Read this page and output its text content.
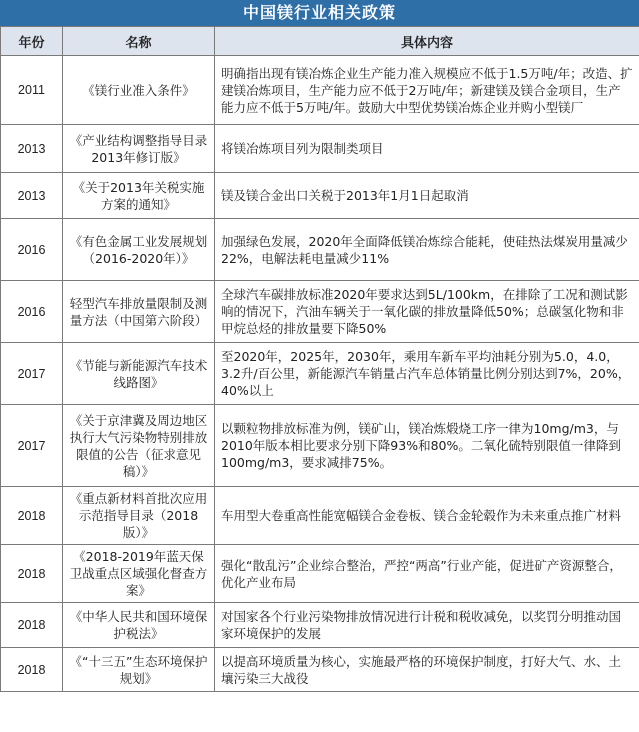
中国镁行业相关政策
年份	名称	具体内容
2011	《镁行业准入条件》	明确指出现有镁冶炼企业生产能力准入规模应不低于1.5万吨/年；改造、扩建镁冶炼项目，生产能力应不低于2万吨/年；新建镁及镁合金项目，生产能力应不低于5万吨/年。鼓励大中型优势镁冶炼企业并购小型镁厂
2013	《产业结构调整指导目录2013年修订版》	将镁冶炼项目列为限制类项目
2013	《关于2013年关税实施方案的通知》	镁及镁合金出口关税于2013年1月1日起取消
2016	《有色金属工业发展规划（2016-2020年）》	加强绿色发展，2020年全面降低镁冶炼综合能耗，使硅热法煤炭用量减少22%，电解法耗电量减少11%
2016	轻型汽车排放量限制及测量方法（中国第六阶段）	全球汽车碳排放标准2020年要求达到5L/100km，在排除了工况和测试影响的情况下，汽油车辆关于一氧化碳的排放量降低50%；总碳氢化物和非甲烷总烃的排放量要下降50%
2017	《节能与新能源汽车技术线路图》	至2020年，2025年，2030年，乘用车新车平均油耗分别为5.0，4.0，3.2升/百公里，新能源汽车销量占汽车总体销量比例分别达到7%，20%，40%以上
2017	《关于京津冀及周边地区执行大气污染物特别排放限值的公告（征求意见稿）》	以颗粒物排放标准为例，镁矿山，镁冶炼煅烧工序一律为10mg/m3，与2010年版本相比要求分别下降93%和80%。二氧化硫特别限值一律降到100mg/m3，要求减排75%。
2018	《重点新材料首批次应用示范指导目录（2018版）》	车用型大卷重高性能宽幅镁合金卷板、镁合金轮毂作为未来重点推广材料
2018	《2018-2019年蓝天保卫战重点区域强化督查方案》	强化“散乱污”企业综合整治，严控“两高”行业产能，促进矿产资源整合，优化产业布局
2018	《中华人民共和国环境保护税法》	对国家各个行业污染物排放情况进行计税和税收减免，以奖罚分明推动国家环境保护的发展
2018	《“十三五”生态环境保护规划》	以提高环境质量为核心，实施最严格的环境保护制度，打好大气、水、土壤污染三大战役
